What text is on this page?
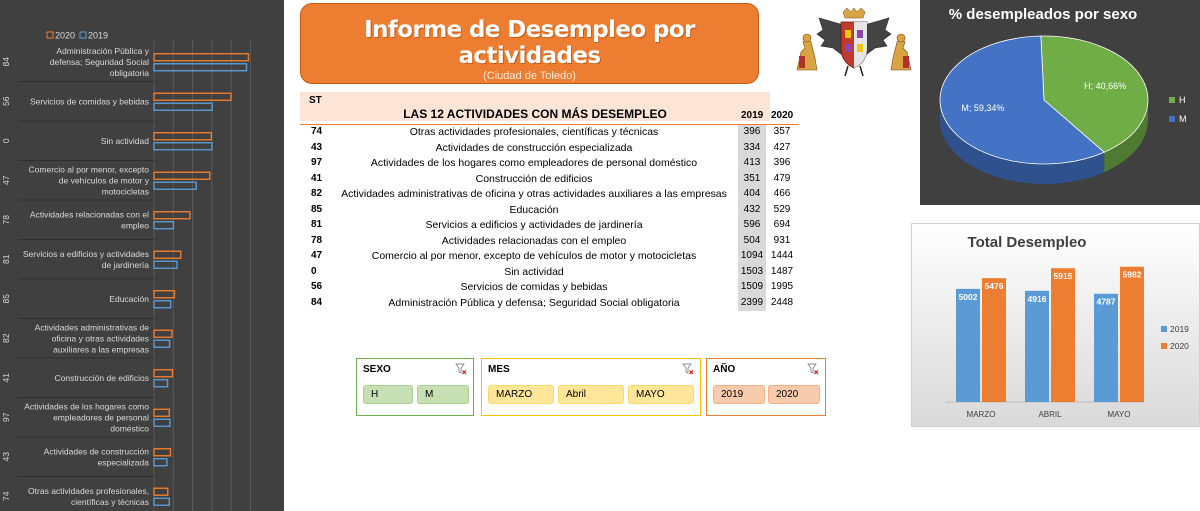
2020 2019
84
Administración Pública y
defensa; Seguridad Social
obligatoria
56 Servicios de comidas y bebidas
0	Sin actividad
47
Comercio al por menor, excepto
de vehículos de motor y
motocicletas
78
Actividades relacionadas con el
empleo
81
Servicios a edificios y actividades
de jardinería
85	Educación
82
Actividades administrativas de
oficina y otras actividades
auxiliares a las empresas
41	Construcción de edificios
97
Actividades de los hogares como
empleadores de personal
doméstico
43
Actividades de construcción
especializada
74
Otras actividades profesionales,
científicas y técnicas
Informe de Desempleo por actividades
(Ciudad de Toledo)
ST
LAS 12 ACTIVIDADES CON MÁS DESEMPLEO	2019 2020
74	Otras actividades profesionales, científicas y técnicas	396	357
43	Actividades de construcción especializada	334	427
97	Actividades de los hogares como empleadores de personal doméstico	413	396
41	Construcción de edificios	351	479
82	Actividades administrativas de oficina y otras actividades auxiliares a las empresas	404	466
85	Educación	432	529
81	Servicios a edificios y actividades de jardinería	596	694
78	Actividades relacionadas con el empleo	504	931
47	Comercio al por menor, excepto de vehículos de motor y motocicletas	1094 1444
0	Sin actividad	1503 1487
56	Servicios de comidas y bebidas	1509 1995
84	Administración Pública y defensa; Seguridad Social obligatoria	2399 2448
SEXO
H	M
MES
MARZO	Abril	MAYO
AÑO
2019	2020
% desempleados por sexo
H; 40,66%
M; 59,34%
H
M
Total Desempleo
5002
5476
MARZO
4916
5915
ABRIL
4787
5982
MAYO
2019
2020
